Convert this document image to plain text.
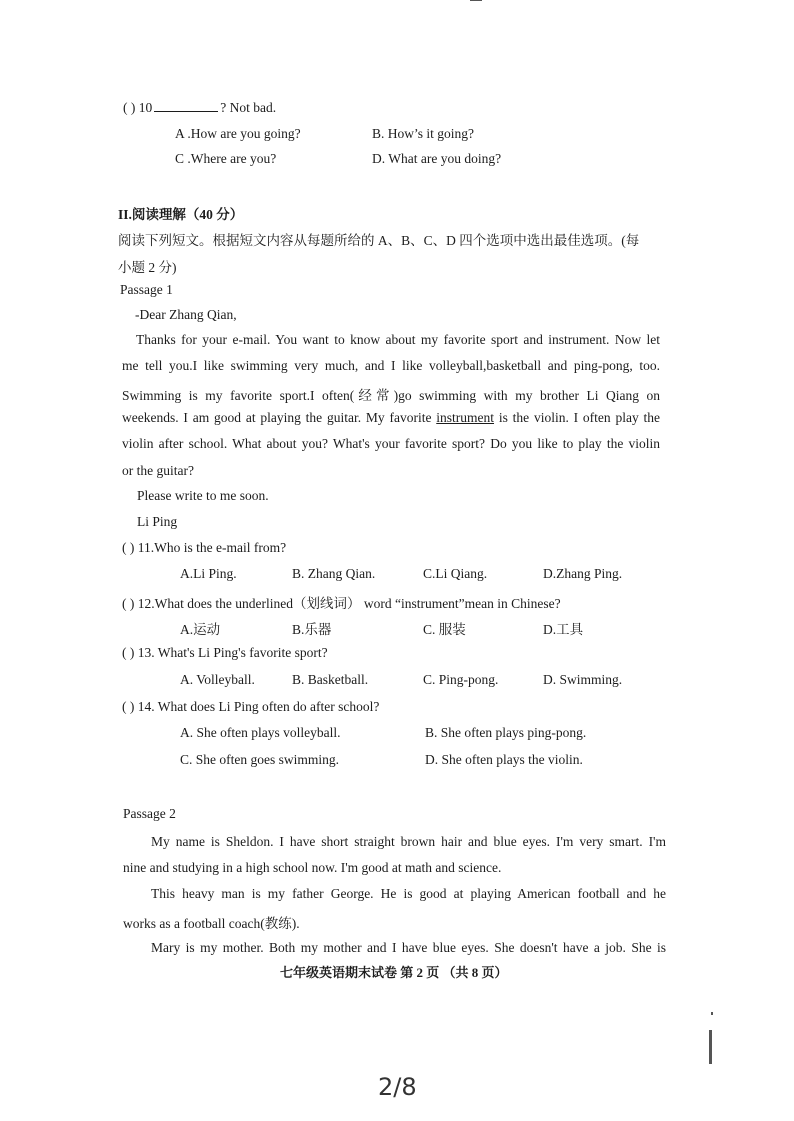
( ) 10	? Not bad.
A .How are you going?	B. How’s it going?
C .Where are you?	D. What are you doing?
II.阅读理解（40 分）
阅读下列短文。根据短文内容从每题所给的 A、B、C、D 四个选项中选出最佳选项。(每
小题 2 分)
Passage 1
-Dear Zhang Qian,
Thanks for your e-mail. You want to know about my favorite sport and instrument. Now let
me tell you.I like swimming very much, and I like volleyball,basketball and ping-pong, too.
Swimming is my favorite sport.I often(经常)go swimming with my brother Li Qiang on
weekends. I am good at playing the guitar. My favorite instrument is the violin. I often play the
violin after school. What about you? What's your favorite sport? Do you like to play the violin
or the guitar?
Please write to me soon.
Li Ping
( ) 11.Who is the e-mail from?
A.Li Ping.	B. Zhang Qian.	C.Li Qiang.	D.Zhang Ping.
( ) 12.What does the underlined（划线词） word “instrument”mean in Chinese?
A.运动	B.乐器	C. 服装	D.工具
( ) 13. What's Li Ping's favorite sport?
A. Volleyball.	B. Basketball.	C. Ping-pong.	D. Swimming.
( ) 14. What does Li Ping often do after school?
A. She often plays volleyball.	B. She often plays ping-pong.
C. She often goes swimming.	D. She often plays the violin.
Passage 2
My name is Sheldon. I have short straight brown hair and blue eyes. I'm very smart. I'm
nine and studying in a high school now. I'm good at math and science.
This heavy man is my father George. He is good at playing American football and he
works as a football coach(教练).
Mary is my mother. Both my mother and I have blue eyes. She doesn't have a job. She is
七年级英语期末试卷 第 2 页 （共 8 页）
2/8
